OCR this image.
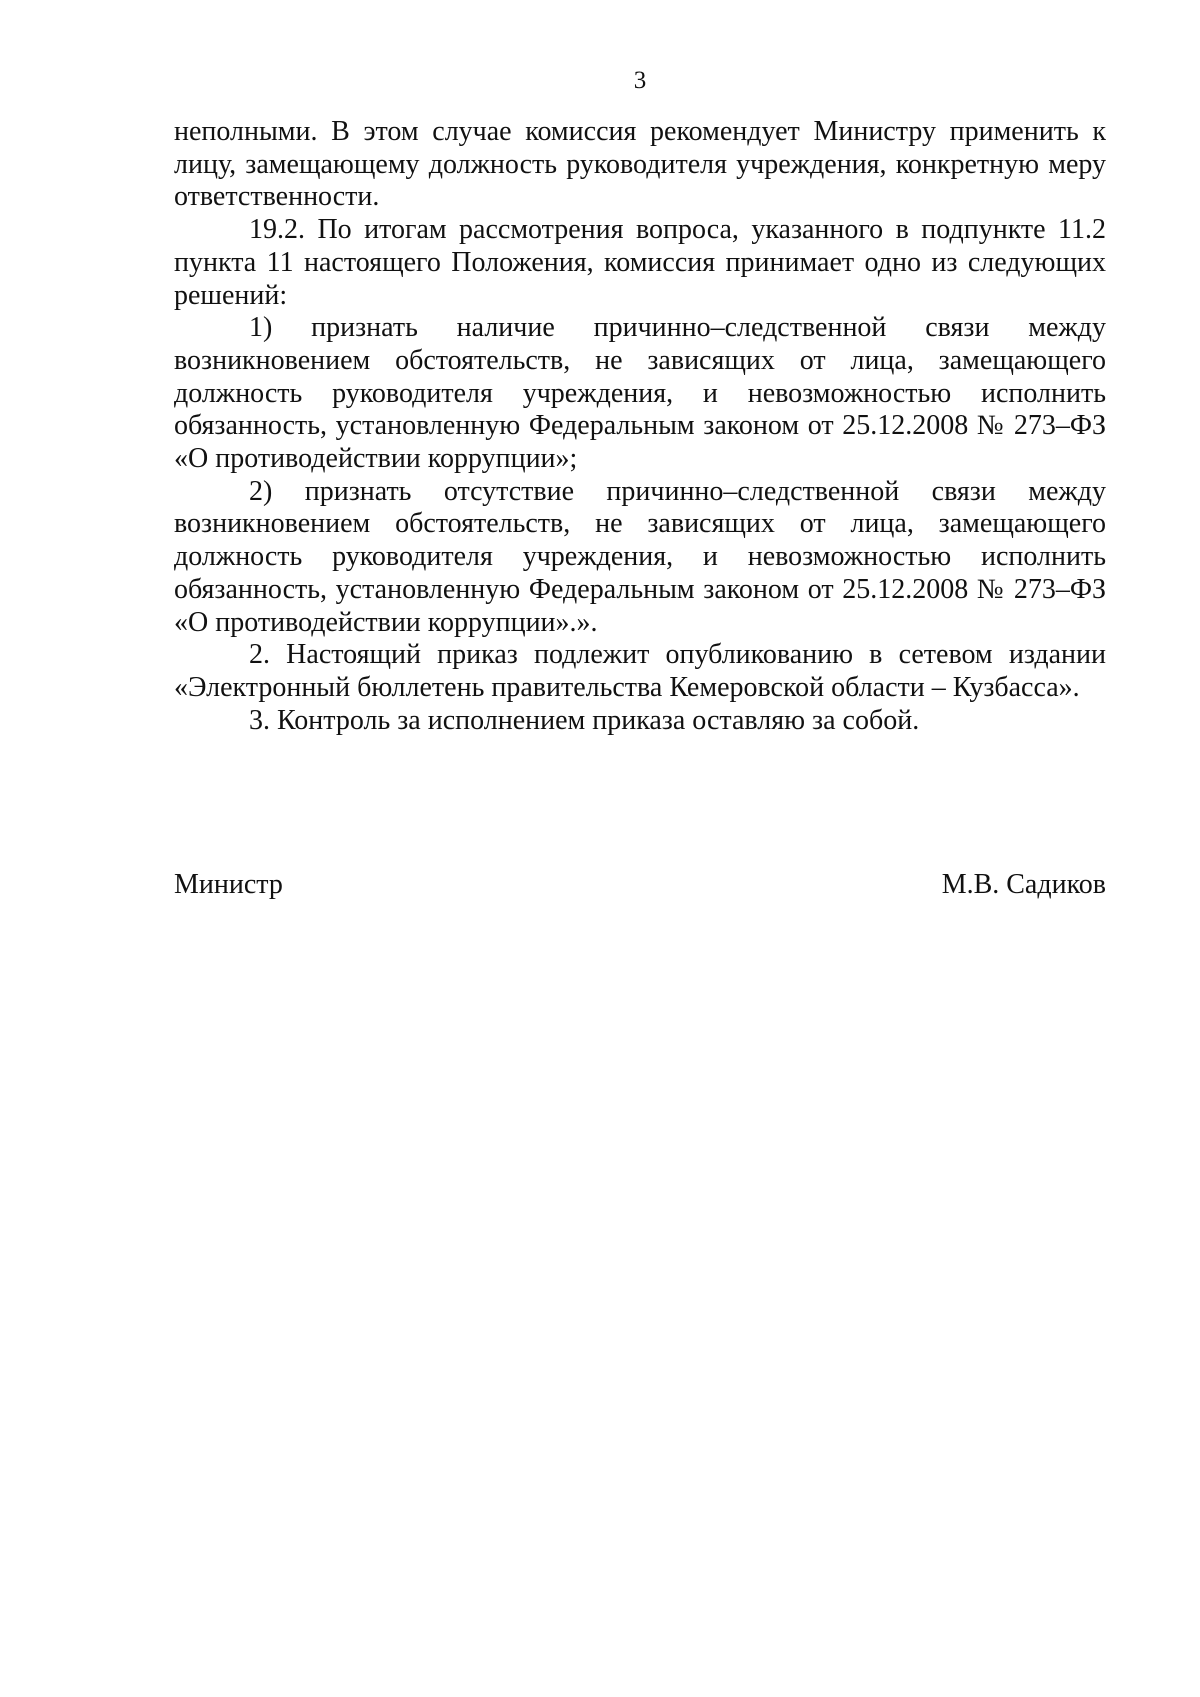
3

неполными. В этом случае комиссия рекомендует Министру применить к лицу, замещающему должность руководителя учреждения, конкретную меру ответственности.

19.2. По итогам рассмотрения вопроса, указанного в подпункте 11.2 пункта 11 настоящего Положения, комиссия принимает одно из следующих решений:

1) признать наличие причинно–следственной связи между возникновением обстоятельств, не зависящих от лица, замещающего должность руководителя учреждения, и невозможностью исполнить обязанность, установленную Федеральным законом от 25.12.2008 № 273–ФЗ «О противодействии коррупции»;

2) признать отсутствие причинно–следственной связи между возникновением обстоятельств, не зависящих от лица, замещающего должность руководителя учреждения, и невозможностью исполнить обязанность, установленную Федеральным законом от 25.12.2008 № 273–ФЗ «О противодействии коррупции».».

2. Настоящий приказ подлежит опубликованию в сетевом издании «Электронный бюллетень правительства Кемеровской области – Кузбасса».

3. Контроль за исполнением приказа оставляю за собой.

Министр	М.В. Садиков
